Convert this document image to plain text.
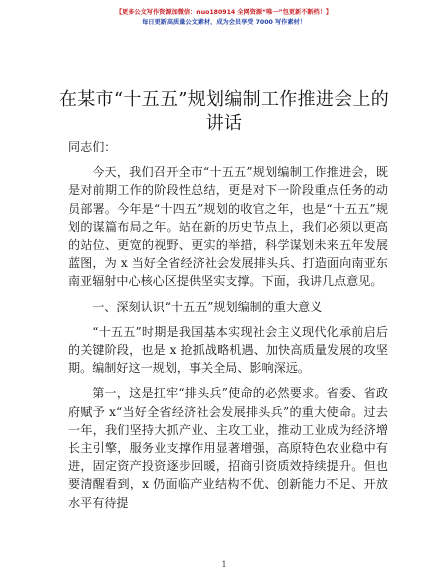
【更多公文写作资源加微信：nuo180914 全网资源“唯一”包更新不断档！】
每日更新高质量公文素材，成为会员享受 7000 写作素材！
在某市“十五五”规划编制工作推进会上的讲话

同志们：

今天，我们召开全市“十五五”规划编制工作推进会，既是对前期工作的阶段性总结，更是对下一阶段重点任务的动员部署。今年是“十四五”规划的收官之年，也是“十五五”规划的谋篇布局之年。站在新的历史节点上，我们必须以更高的站位、更宽的视野、更实的举措，科学谋划未来五年发展蓝图，为 x 当好全省经济社会发展排头兵、打造面向南亚东南亚辐射中心核心区提供坚实支撑。下面，我讲几点意见。

一、深刻认识“十五五”规划编制的重大意义

“十五五”时期是我国基本实现社会主义现代化承前启后的关键阶段，也是 x 抢抓战略机遇、加快高质量发展的攻坚期。编制好这一规划，事关全局、影响深远。

第一，这是扛牢“排头兵”使命的必然要求。省委、省政府赋予 x“当好全省经济社会发展排头兵”的重大使命。过去一年，我们坚持大抓产业、主攻工业，推动工业成为经济增长主引擎，服务业支撑作用显著增强，高原特色农业稳中有进，固定资产投资逐步回暖，招商引资质效持续提升。但也要清醒看到，x 仍面临产业结构不优、创新能力不足、开放水平有待提

1
